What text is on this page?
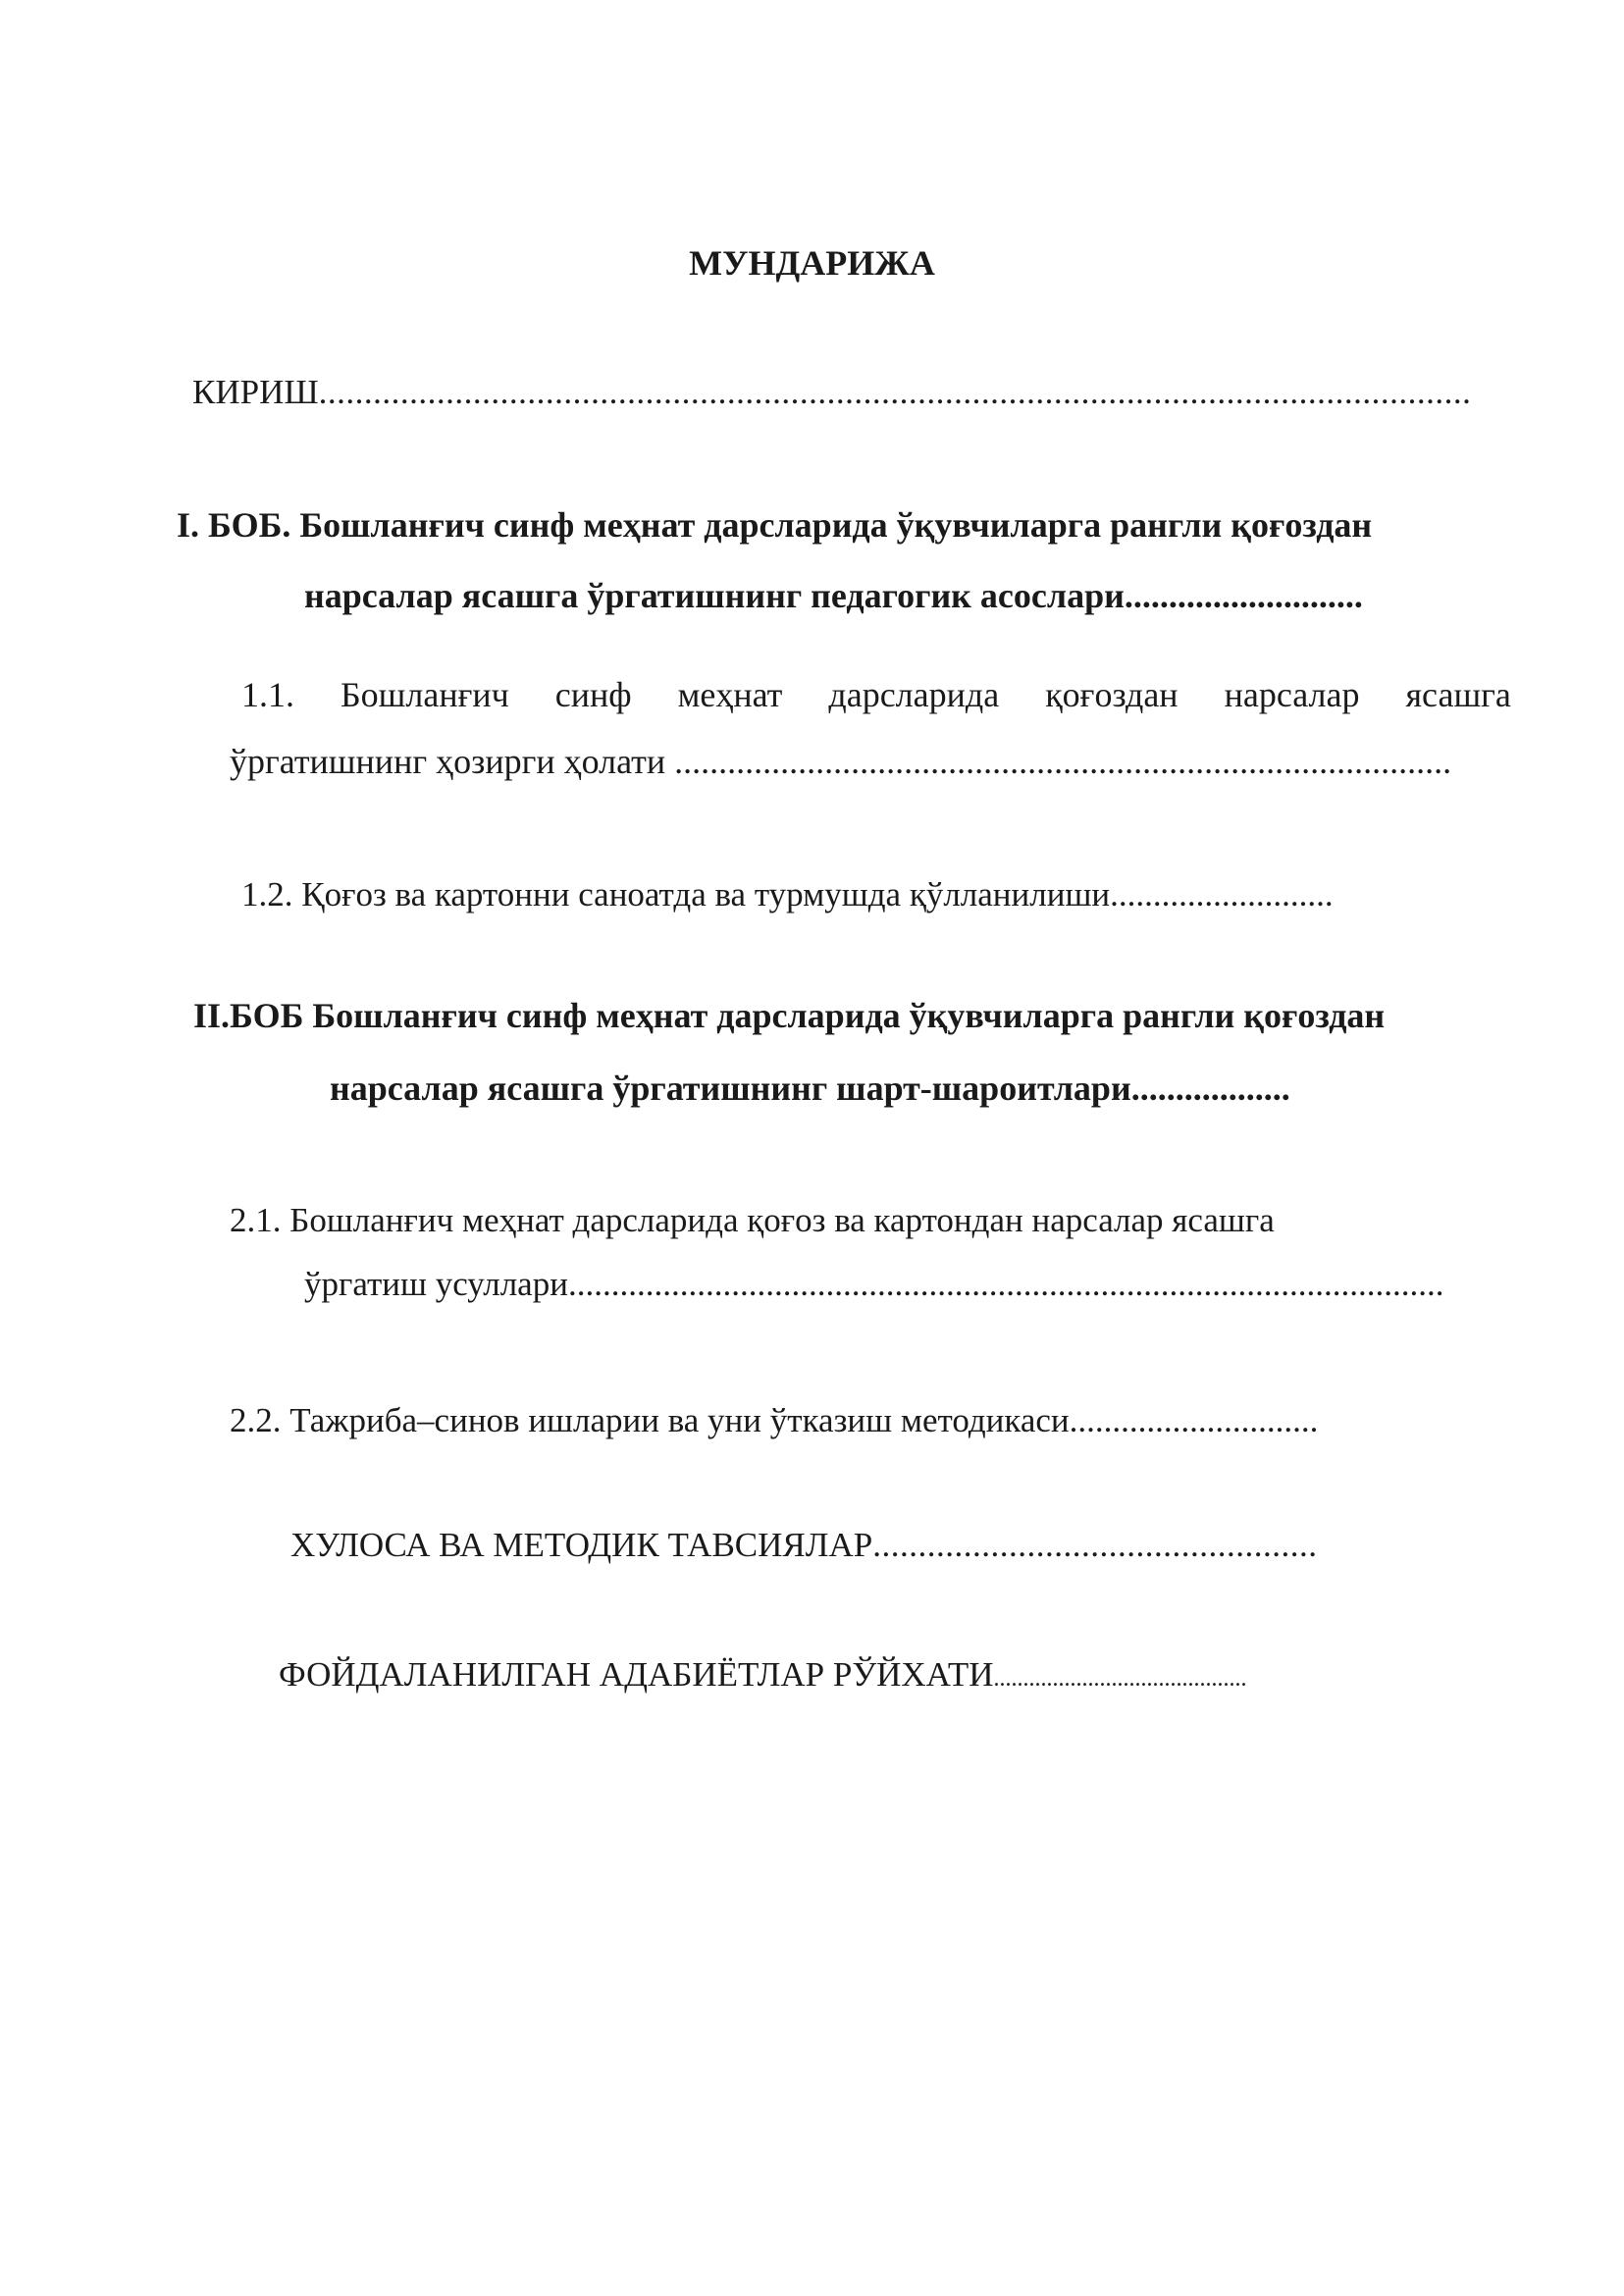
МУНДАРИЖА
КИРИШ...............................................................................................................................
I. БОБ. Бошланғич синф меҳнат дарсларида ўқувчиларга рангли қоғоздан
нарсалар ясашга ўргатишнинг педагогик асослари...........................
1.1. Бошланғич синф меҳнат дарсларида қоғоздан нарсалар ясашга
ўргатишнинг ҳозирги ҳолати ........................................................................................
1.2. Қоғоз ва картонни саноатда ва турмушда қўлланилиши..........................
II.БОБ Бошланғич синф меҳнат дарсларида ўқувчиларга рангли қоғоздан
нарсалар ясашга ўргатишнинг шарт-шароитлари..................
2.1. Бошланғич меҳнат дарсларида қоғоз ва картондан нарсалар ясашга
ўргатиш усуллари......................................................................................................
2.2. Тажриба–синов ишларии ва уни ўтказиш методикаси.............................
ХУЛОСА ВА МЕТОДИК ТАВСИЯЛАР.................................................
ФОЙДАЛАНИЛГАН АДАБИЁТЛАР РЎЙХАТИ...........................................
